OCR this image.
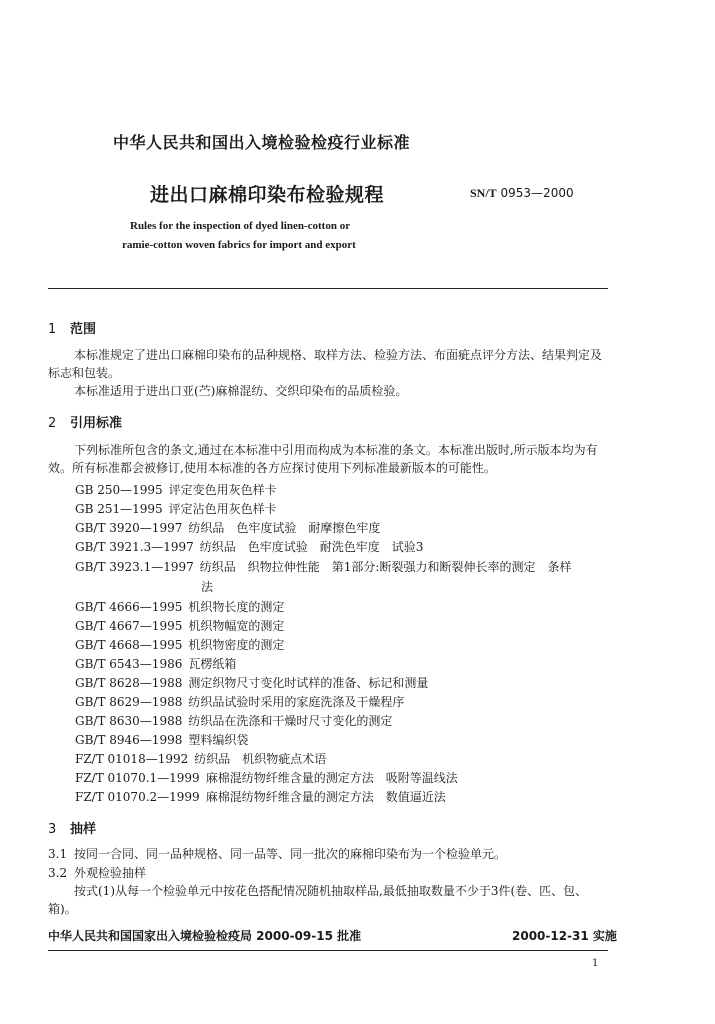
中华人民共和国出入境检验检疫行业标准
进出口麻棉印染布检验规程	SN/T 0953—2000
Rules for the inspection of dyed linen-cotton or
ramie-cotton woven fabrics for import and export
1 范围
本标准规定了进出口麻棉印染布的品种规格、取样方法、检验方法、布面疵点评分方法、结果判定及标志和包装。
本标准适用于进出口亚(苎)麻棉混纺、交织印染布的品质检验。
2 引用标准
下列标准所包含的条文,通过在本标准中引用而构成为本标准的条文。本标准出版时,所示版本均为有效。所有标准都会被修订,使用本标准的各方应探讨使用下列标准最新版本的可能性。
GB 250—1995 评定变色用灰色样卡
GB 251—1995 评定沾色用灰色样卡
GB/T 3920—1997 纺织品　色牢度试验　耐摩擦色牢度
GB/T 3921.3—1997 纺织品　色牢度试验　耐洗色牢度　试验3
GB/T 3923.1—1997 纺织品　织物拉伸性能　第1部分:断裂强力和断裂伸长率的测定　条样
法
GB/T 4666—1995 机织物长度的测定
GB/T 4667—1995 机织物幅宽的测定
GB/T 4668—1995 机织物密度的测定
GB/T 6543—1986 瓦楞纸箱
GB/T 8628—1988 测定织物尺寸变化时试样的准备、标记和测量
GB/T 8629—1988 纺织品试验时采用的家庭洗涤及干燥程序
GB/T 8630—1988 纺织品在洗涤和干燥时尺寸变化的测定
GB/T 8946—1998 塑料编织袋
FZ/T 01018—1992 纺织品　机织物疵点术语
FZ/T 01070.1—1999 麻棉混纺物纤维含量的测定方法　吸附等温线法
FZ/T 01070.2—1999 麻棉混纺物纤维含量的测定方法　数值逼近法
3 抽样
3.1 按同一合同、同一品种规格、同一品等、同一批次的麻棉印染布为一个检验单元。
3.2 外观检验抽样
按式(1)从每一个检验单元中按花色搭配情况随机抽取样品,最低抽取数量不少于3件(卷、匹、包、箱)。
中华人民共和国国家出入境检验检疫局 2000-09-15 批准	2000-12-31 实施
1
